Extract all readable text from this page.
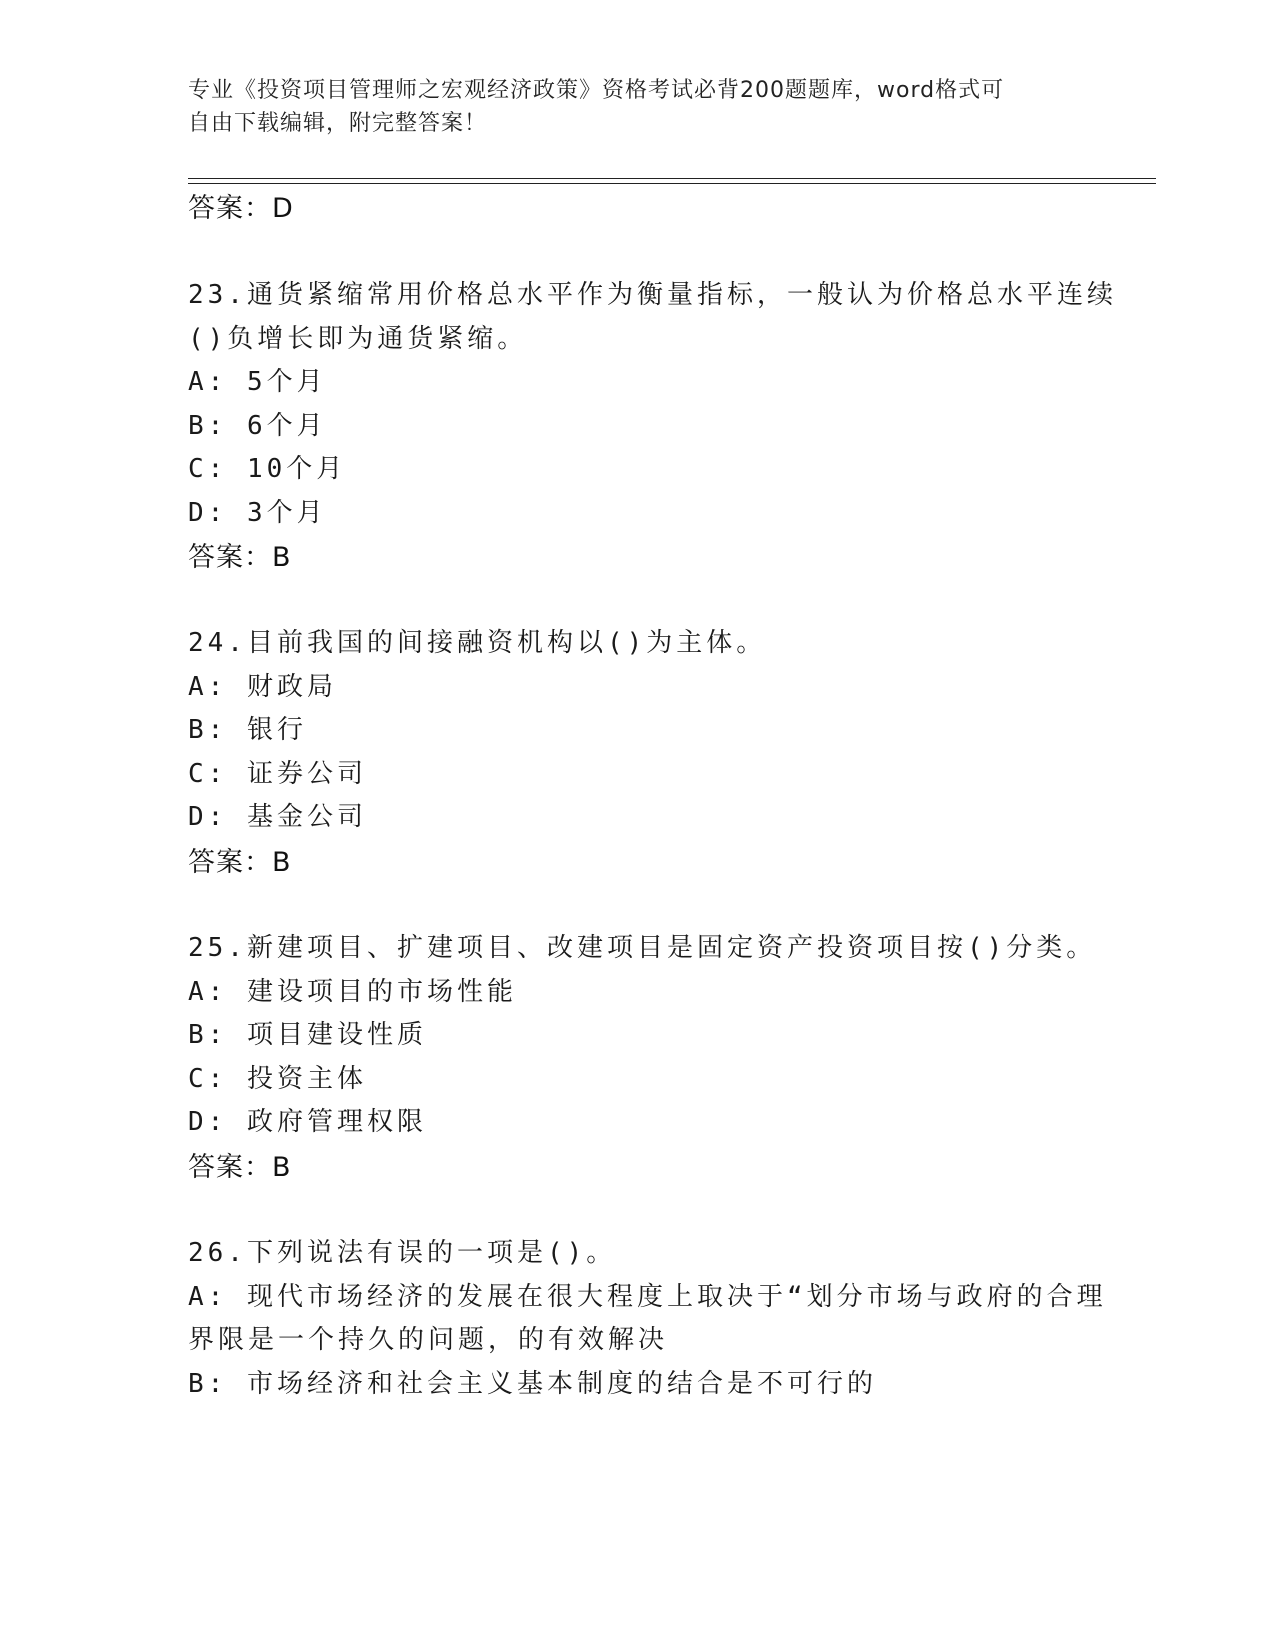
专业《投资项目管理师之宏观经济政策》资格考试必背200题题库，word格式可
自由下载编辑，附完整答案！
答案：D
23.通货紧缩常用价格总水平作为衡量指标，一般认为价格总水平连续
()负增长即为通货紧缩。
A: 5个月
B: 6个月
C: 10个月
D: 3个月
答案：B
24.目前我国的间接融资机构以()为主体。
A: 财政局
B: 银行
C: 证券公司
D: 基金公司
答案：B
25.新建项目、扩建项目、改建项目是固定资产投资项目按()分类。
A: 建设项目的市场性能
B: 项目建设性质
C: 投资主体
D: 政府管理权限
答案：B
26.下列说法有误的一项是()。
A: 现代市场经济的发展在很大程度上取决于“划分市场与政府的合理
界限是一个持久的问题，的有效解决
B: 市场经济和社会主义基本制度的结合是不可行的
